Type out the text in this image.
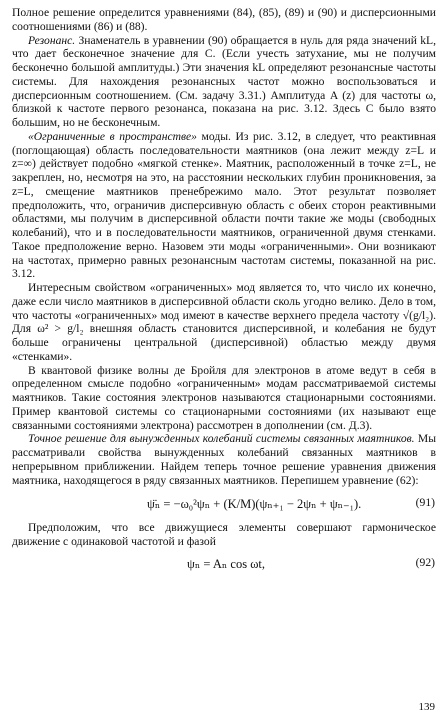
Полное решение определится уравнениями (84), (85), (89) и (90) и дисперсионными соотношениями (86) и (88).

Резонанс. Знаменатель в уравнении (90) обращается в нуль для ряда значений kL, что дает бесконечное значение для C. (Если учесть затухание, мы не получим бесконечно большой амплитуды.) Эти значения kL определяют резонансные частоты системы. Для нахождения резонансных частот можно воспользоваться и дисперсионным соотношением. (См. задачу 3.31.) Амплитуда A (z) для частоты ω, близкой к частоте первого резонанса, показана на рис. 3.12. Здесь C было взято большим, но не бесконечным.

«Ограниченные в пространстве» моды. Из рис. 3.12, в следует, что реактивная (поглощающая) область последовательности маятников (она лежит между z=L и z=∞) действует подобно «мягкой стенке». Маятник, расположенный в точке z=L, не закреплен, но, несмотря на это, на расстоянии нескольких глубин проникновения, за z=L, смещение маятников пренебрежимо мало. Этот результат позволяет предположить, что, ограничив дисперсивную область с обеих сторон реактивными областями, мы получим в дисперсивной области почти такие же моды (свободных колебаний), что и в последовательности маятников, ограниченной двумя стенками. Такое предположение верно. Назовем эти моды «ограниченными». Они возникают на частотах, примерно равных резонансным частотам системы, показанной на рис. 3.12.

Интересным свойством «ограниченных» мод является то, что число их конечно, даже если число маятников в дисперсивной области сколь угодно велико. Дело в том, что частоты «ограниченных» мод имеют в качестве верхнего предела частоту √(g/l₂). Для ω² > g/l₂ внешняя область становится дисперсивной, и колебания не будут больше ограничены центральной (дисперсивной) областью между двумя «стенками».

В квантовой физике волны де Бройля для электронов в атоме ведут в себя в определенном смысле подобно «ограниченным» модам рассматриваемой системы маятников. Такие состояния электронов называются стационарными состояниями. Пример квантовой системы со стационарными состояниями (их называют еще связанными состояниями электрона) рассмотрен в дополнении (см. Д.3).

Точное решение для вынужденных колебаний системы связанных маятников. Мы рассматривали свойства вынужденных колебаний связанных маятников в непрерывном приближении. Найдем теперь точное решение уравнения движения маятника, находящегося в ряду связанных маятников. Перепишем уравнение (62):

ψ̈ₙ = −ω₀²ψₙ + (K/M)(ψₙ₊₁ − 2ψₙ + ψₙ₋₁).	(91)

Предположим, что все движущиеся элементы совершают гармоническое движение с одинаковой частотой и фазой

ψₙ = Aₙ cos ωt,	(92)
139
